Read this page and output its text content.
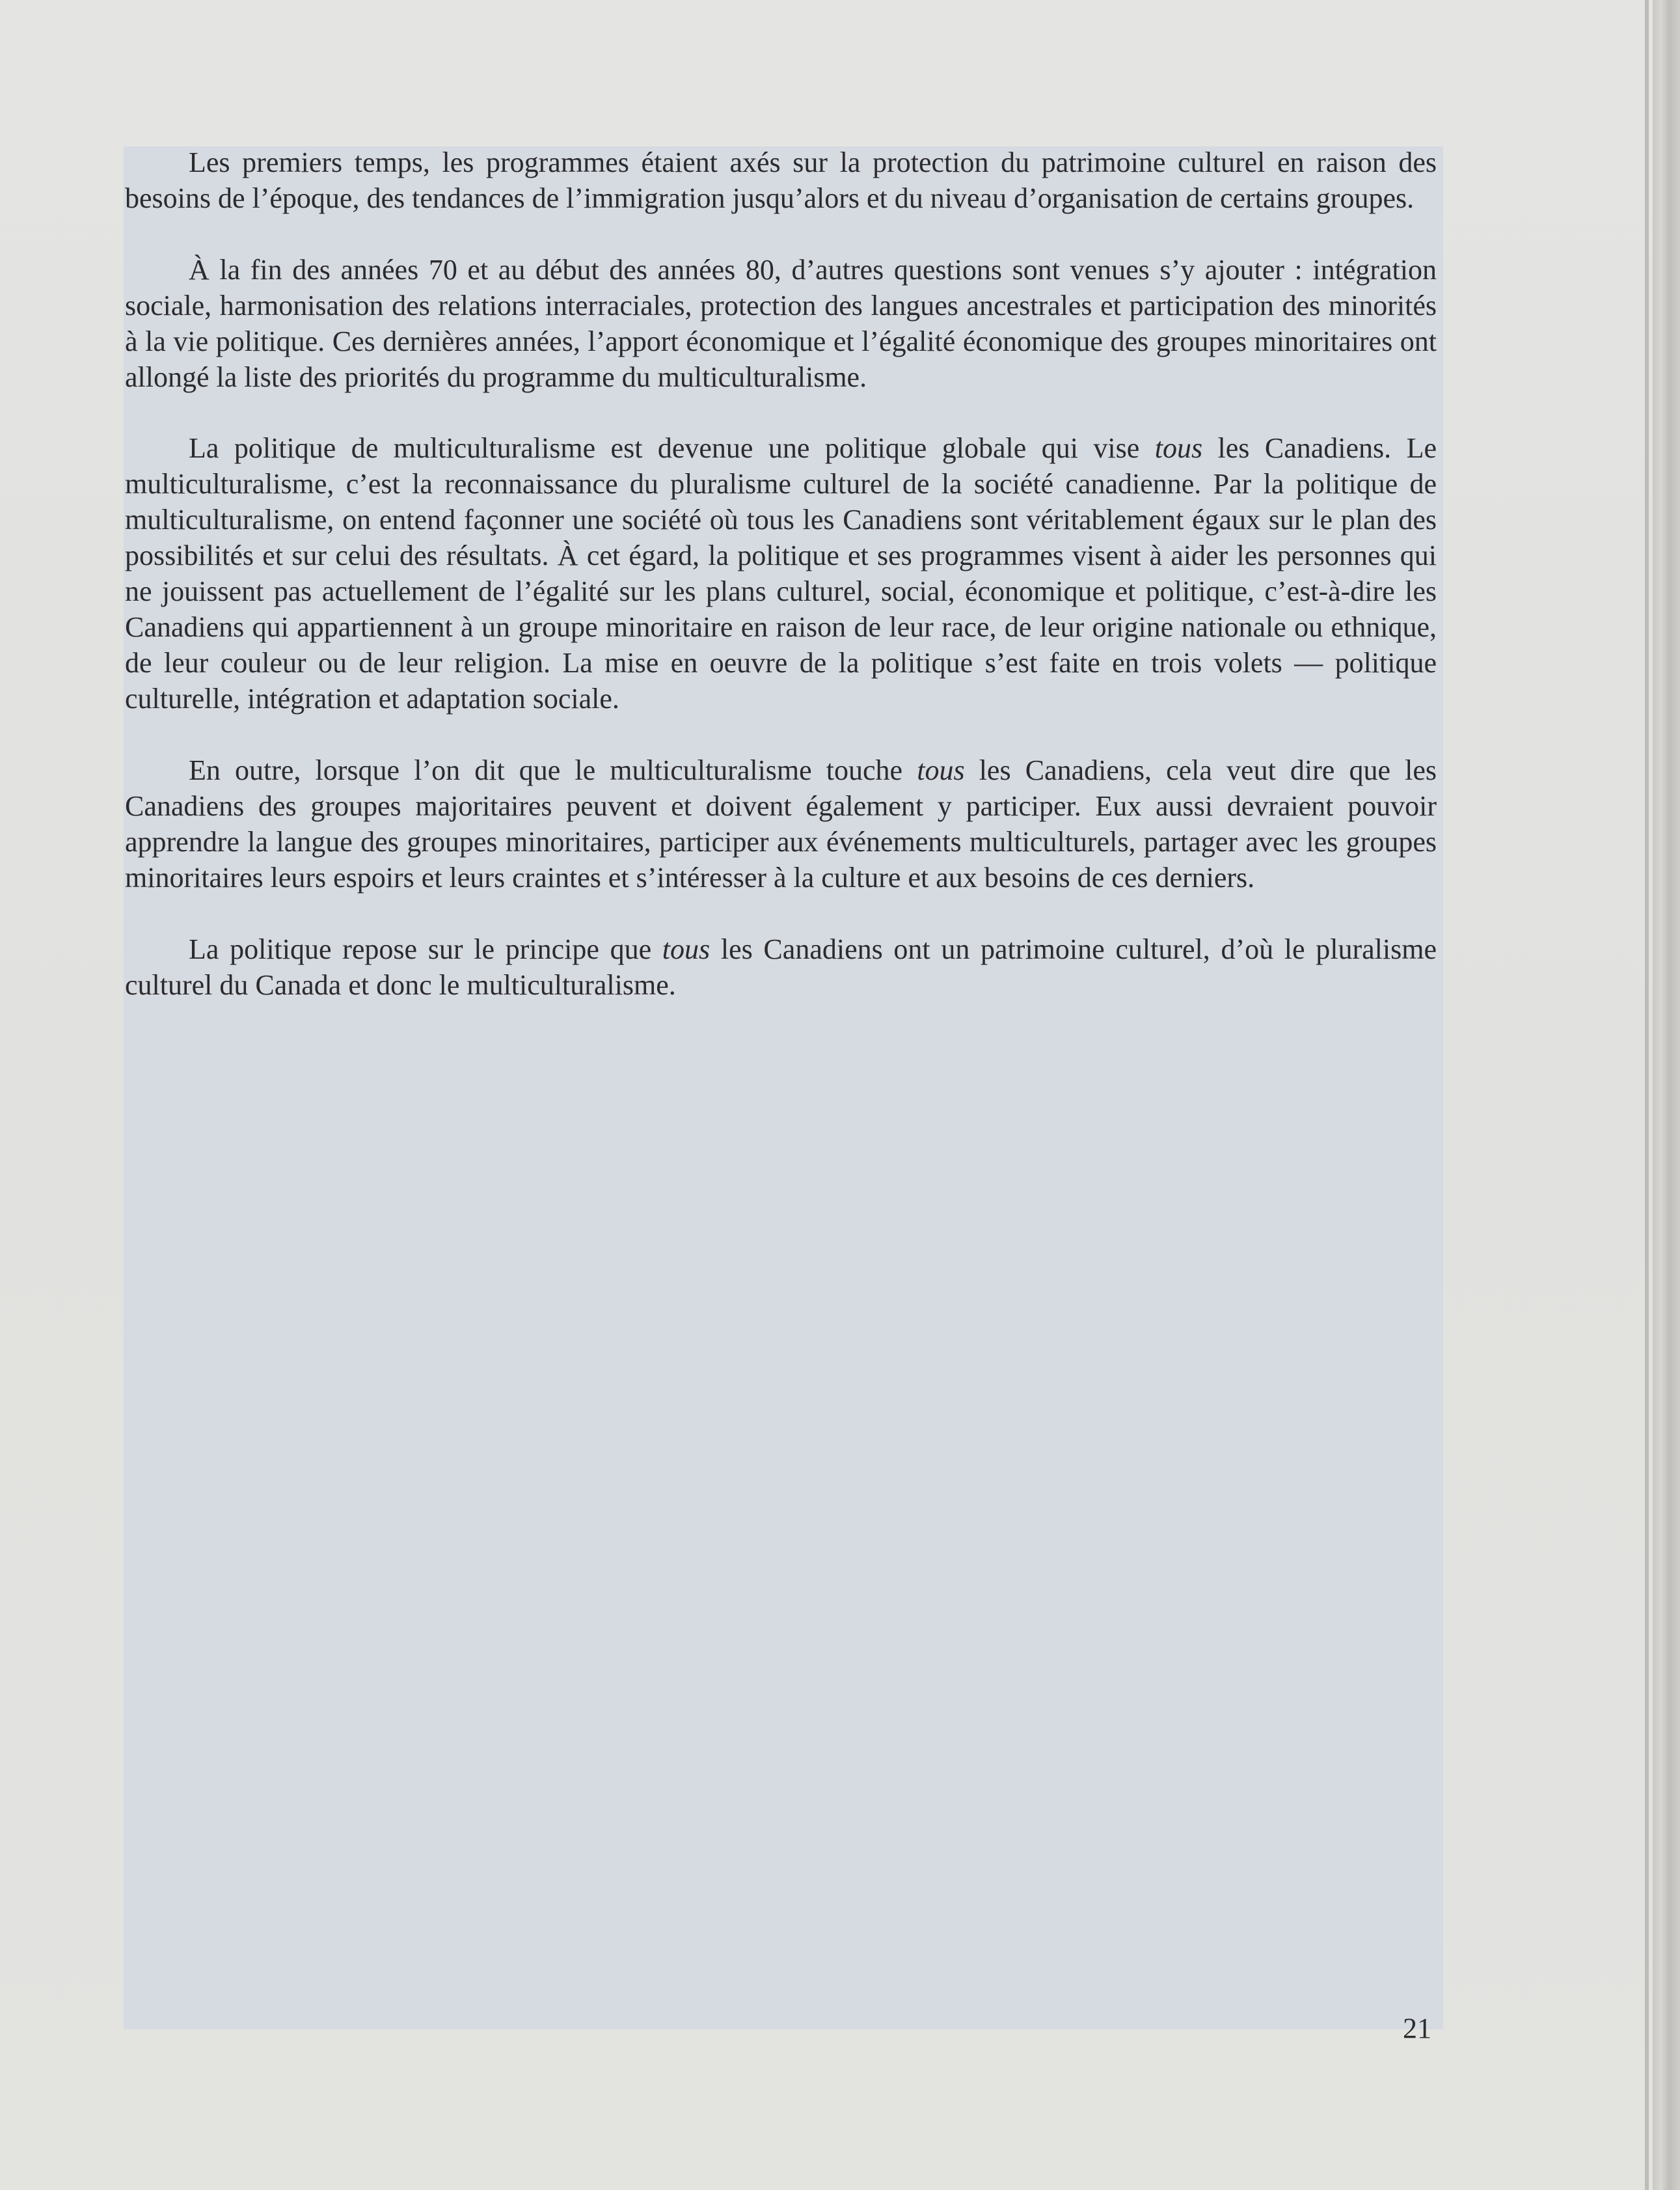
Les premiers temps, les programmes étaient axés sur la protection du patrimoine culturel en raison des besoins de l’époque, des tendances de l’immigration jusqu’alors et du niveau d’organisation de certains groupes.

À la fin des années 70 et au début des années 80, d’autres questions sont venues s’y ajouter : intégration sociale, harmonisation des relations interraciales, protection des langues ancestrales et participation des minorités à la vie politique. Ces dernières années, l’apport économique et l’égalité économique des groupes minoritaires ont allongé la liste des priorités du programme du multiculturalisme.

La politique de multiculturalisme est devenue une politique globale qui vise tous les Canadiens. Le multiculturalisme, c’est la reconnaissance du pluralisme culturel de la société canadienne. Par la politique de multiculturalisme, on entend façonner une société où tous les Canadiens sont véritablement égaux sur le plan des possibilités et sur celui des résultats. À cet égard, la politique et ses programmes visent à aider les personnes qui ne jouissent pas actuellement de l’égalité sur les plans culturel, social, économique et politique, c’est-à-dire les Canadiens qui appartiennent à un groupe minoritaire en raison de leur race, de leur origine nationale ou ethnique, de leur couleur ou de leur religion. La mise en oeuvre de la politique s’est faite en trois volets — politique culturelle, intégration et adaptation sociale.

En outre, lorsque l’on dit que le multiculturalisme touche tous les Canadiens, cela veut dire que les Canadiens des groupes majoritaires peuvent et doivent également y participer. Eux aussi devraient pouvoir apprendre la langue des groupes minoritaires, participer aux événements multiculturels, partager avec les groupes minoritaires leurs espoirs et leurs craintes et s’intéresser à la culture et aux besoins de ces derniers.

La politique repose sur le principe que tous les Canadiens ont un patrimoine culturel, d’où le pluralisme culturel du Canada et donc le multiculturalisme.

21
